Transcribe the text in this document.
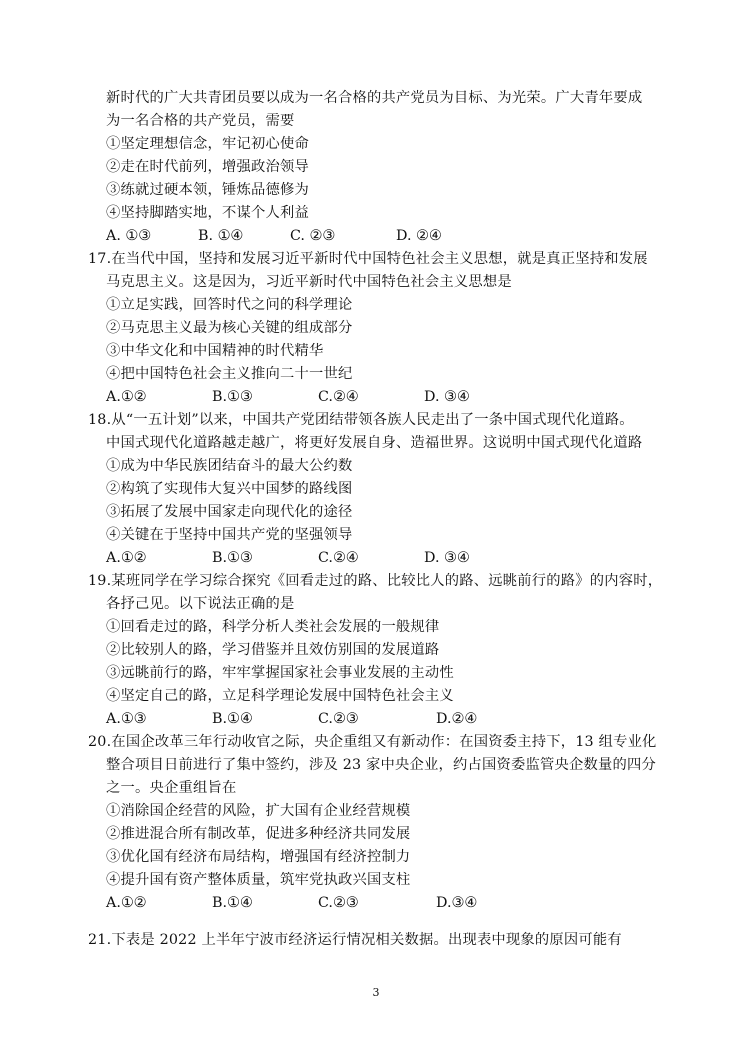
新时代的广大共青团员要以成为一名合格的共产党员为目标、为光荣。广大青年要成
为一名合格的共产党员，需要
①坚定理想信念，牢记初心使命
②走在时代前列，增强政治领导
③练就过硬本领，锤炼品德修为
④坚持脚踏实地，不谋个人利益
A. ①③	B. ①④	C. ②③	D. ②④
17.在当代中国，坚持和发展习近平新时代中国特色社会主义思想，就是真正坚持和发展
马克思主义。这是因为，习近平新时代中国特色社会主义思想是
①立足实践，回答时代之问的科学理论
②马克思主义最为核心关键的组成部分
③中华文化和中国精神的时代精华
④把中国特色社会主义推向二十一世纪
A.①②	B.①③	C.②④	D. ③④
18.从“一五计划”以来，中国共产党团结带领各族人民走出了一条中国式现代化道路。
中国式现代化道路越走越广，将更好发展自身、造福世界。这说明中国式现代化道路
①成为中华民族团结奋斗的最大公约数
②构筑了实现伟大复兴中国梦的路线图
③拓展了发展中国家走向现代化的途径
④关键在于坚持中国共产党的坚强领导
A.①②	B.①③	C.②④	D. ③④
19.某班同学在学习综合探究《回看走过的路、比较比人的路、远眺前行的路》的内容时，
各抒己见。以下说法正确的是
①回看走过的路，科学分析人类社会发展的一般规律
②比较别人的路，学习借鉴并且效仿别国的发展道路
③远眺前行的路，牢牢掌握国家社会事业发展的主动性
④坚定自己的路，立足科学理论发展中国特色社会主义
A.①③	B.①④	C.②③	D.②④
20.在国企改革三年行动收官之际，央企重组又有新动作：在国资委主持下，13 组专业化
整合项目日前进行了集中签约，涉及 23 家中央企业，约占国资委监管央企数量的四分
之一。央企重组旨在
①消除国企经营的风险，扩大国有企业经营规模
②推进混合所有制改革，促进多种经济共同发展
③优化国有经济布局结构，增强国有经济控制力
④提升国有资产整体质量，筑牢党执政兴国支柱
A.①②	B.①④	C.②③	D.③④
21.下表是 2022 上半年宁波市经济运行情况相关数据。出现表中现象的原因可能有
3
